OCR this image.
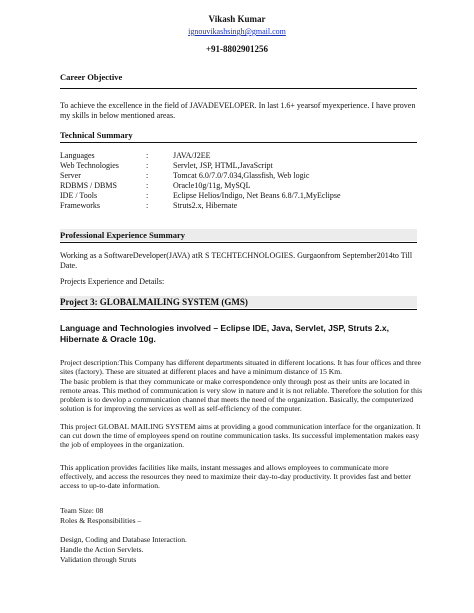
Vikash Kumar
ignouvikashsingh@gmail.com
+91-8802901256
Career Objective
To achieve the excellence in the field of JAVADEVELOPER. In last 1.6+ yearsof myexperience. I have proven my skills in below mentioned areas.
Technical Summary
Languages	:	JAVA/J2EE
Web Technologies	:	Servlet, JSP, HTML,JavaScript
Server	:	Tomcat 6.0/7.0/7.034,Glassfish, Web logic
RDBMS / DBMS	:	Oracle10g/11g, MySQL
IDE / Tools	:	Eclipse Helios/Indigo, Net Beans 6.8/7.1,MyEclipse
Frameworks	:	Struts2.x, Hibernate
Professional Experience Summary
Working as a SoftwareDeveloper(JAVA) atR S TECHTECHNOLOGIES. Gurgaonfrom September2014to Till Date.
Projects Experience and Details:
Project 3: GLOBALMAILING SYSTEM (GMS)
Language and Technologies involved – Eclipse IDE, Java, Servlet, JSP, Struts 2.x, Hibernate & Oracle 10g.
Project description:This Company has different departments situated in different locations. It has four offices and three sites (factory). These are situated at different places and have a minimum distance of 15 Km.
The basic problem is that they communicate or make correspondence only through post as their units are located in remote areas. This method of communication is very slow in nature and it is not reliable. Therefore the solution for this problem is to develop a communication channel that meets the need of the organization. Basically, the computerized solution is for improving the services as well as self-efficiency of the computer.
This project GLOBAL MAILING SYSTEM aims at providing a good communication interface for the organization. It can cut down the time of employees spend on routine communication tasks. Its successful implementation makes easy the job of employees in the organization.
This application provides facilities like mails, instant messages and allows employees to communicate more effectively, and access the resources they need to maximize their day-to-day productivity. It provides fast and better access to up-to-date information.
Team Size: 08
Roles & Responsibilities –
Design, Coding and Database Interaction.
Handle the Action Servlets.
Validation through Struts
